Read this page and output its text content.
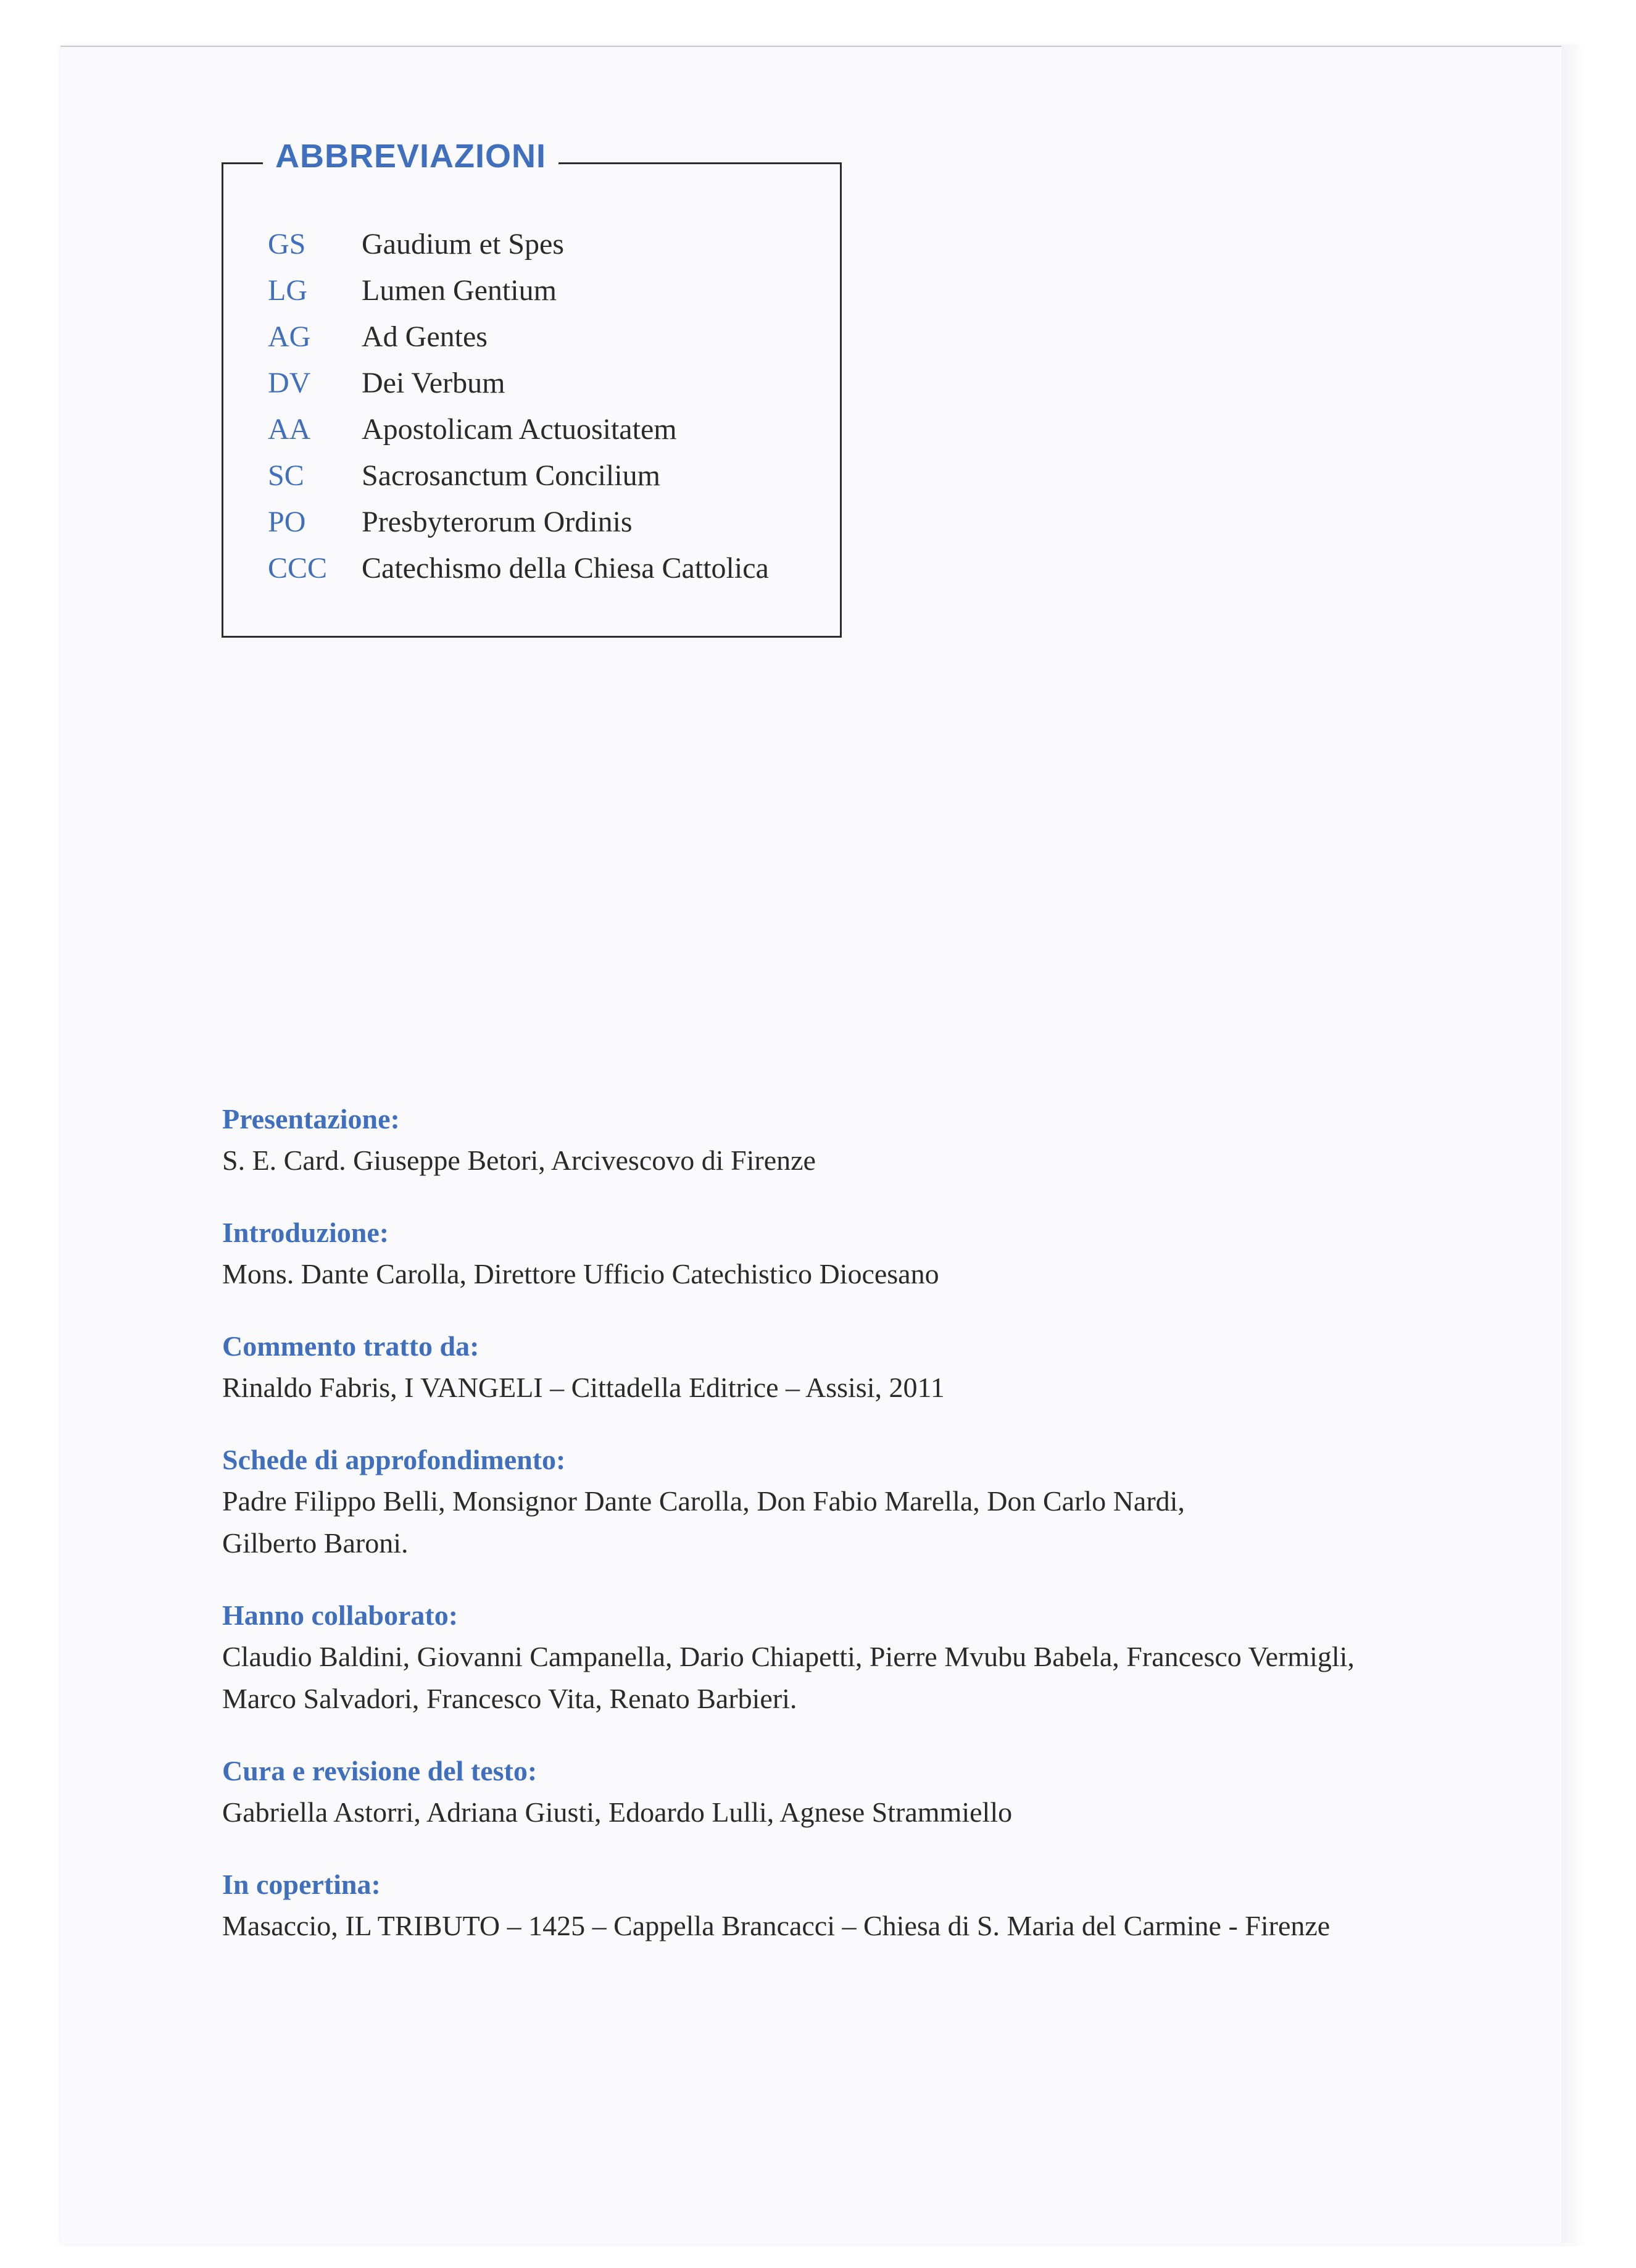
ABBREVIAZIONI
GS	Gaudium et Spes
LG	Lumen Gentium
AG	Ad Gentes
DV	Dei Verbum
AA	Apostolicam Actuositatem
SC	Sacrosanctum Concilium
PO	Presbyterorum Ordinis
CCC	Catechismo della Chiesa Cattolica
Presentazione:
S. E. Card. Giuseppe Betori, Arcivescovo di Firenze
Introduzione:
Mons. Dante Carolla, Direttore Ufficio Catechistico Diocesano
Commento tratto da:
Rinaldo Fabris, I VANGELI – Cittadella Editrice – Assisi, 2011
Schede di approfondimento:
Padre Filippo Belli, Monsignor Dante Carolla, Don Fabio Marella, Don Carlo Nardi,
Gilberto Baroni.
Hanno collaborato:
Claudio Baldini, Giovanni Campanella, Dario Chiapetti, Pierre Mvubu Babela, Francesco Vermigli,
Marco Salvadori, Francesco Vita, Renato Barbieri.
Cura e revisione del testo:
Gabriella Astorri, Adriana Giusti, Edoardo Lulli, Agnese Strammiello
In copertina:
Masaccio, IL TRIBUTO – 1425 – Cappella Brancacci – Chiesa di S. Maria del Carmine - Firenze
